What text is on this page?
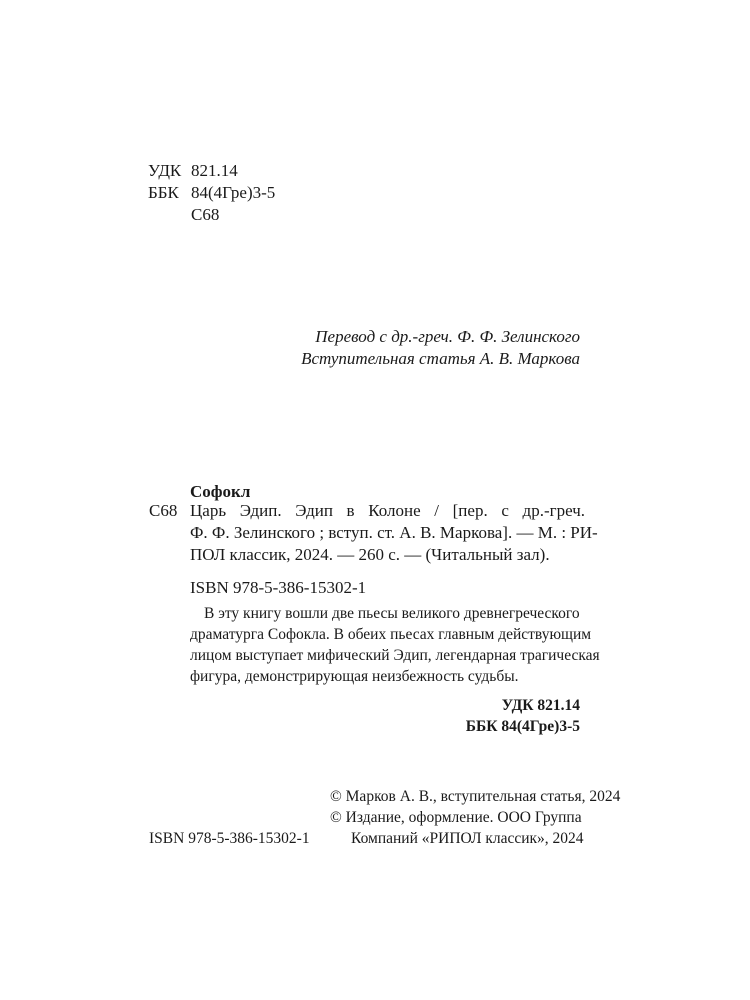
УДК 821.14
ББК 84(4Гре)3-5
С68
Перевод с др.-греч. Ф. Ф. Зелинского
Вступительная статья А. В. Маркова
Софокл
С68 Царь Эдип. Эдип в Колоне / [пер. с др.-греч.
Ф. Ф. Зелинского ; вступ. ст. А. В. Маркова]. — М. : РИ-
ПОЛ классик, 2024. — 260 с. — (Читальный зал).
ISBN 978-5-386-15302-1
В эту книгу вошли две пьесы великого древнегреческого
драматурга Софокла. В обеих пьесах главным действующим
лицом выступает мифический Эдип, легендарная трагическая
фигура, демонстрирующая неизбежность судьбы.
УДК 821.14
ББК 84(4Гре)3-5
© Марков А. В., вступительная статья, 2024
© Издание, оформление. ООО Группа
Компаний «РИПОЛ классик», 2024
ISBN 978-5-386-15302-1
